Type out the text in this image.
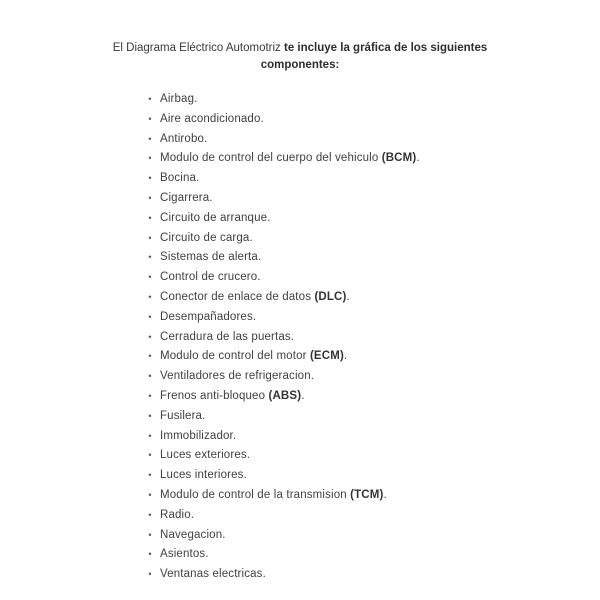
El Diagrama Eléctrico Automotriz te incluye la gráfica de los siguientes
componentes:
• Airbag.
• Aire acondicionado.
• Antirobo.
• Modulo de control del cuerpo del vehiculo (BCM).
• Bocina.
• Cigarrera.
• Circuito de arranque.
• Circuito de carga.
• Sistemas de alerta.
• Control de crucero.
• Conector de enlace de datos (DLC).
• Desempañadores.
• Cerradura de las puertas.
• Modulo de control del motor (ECM).
• Ventiladores de refrigeracion.
• Frenos anti-bloqueo (ABS).
• Fusilera.
• Immobilizador.
• Luces exteriores.
• Luces interiores.
• Modulo de control de la transmision (TCM).
• Radio.
• Navegacion.
• Asientos.
• Ventanas electricas.
